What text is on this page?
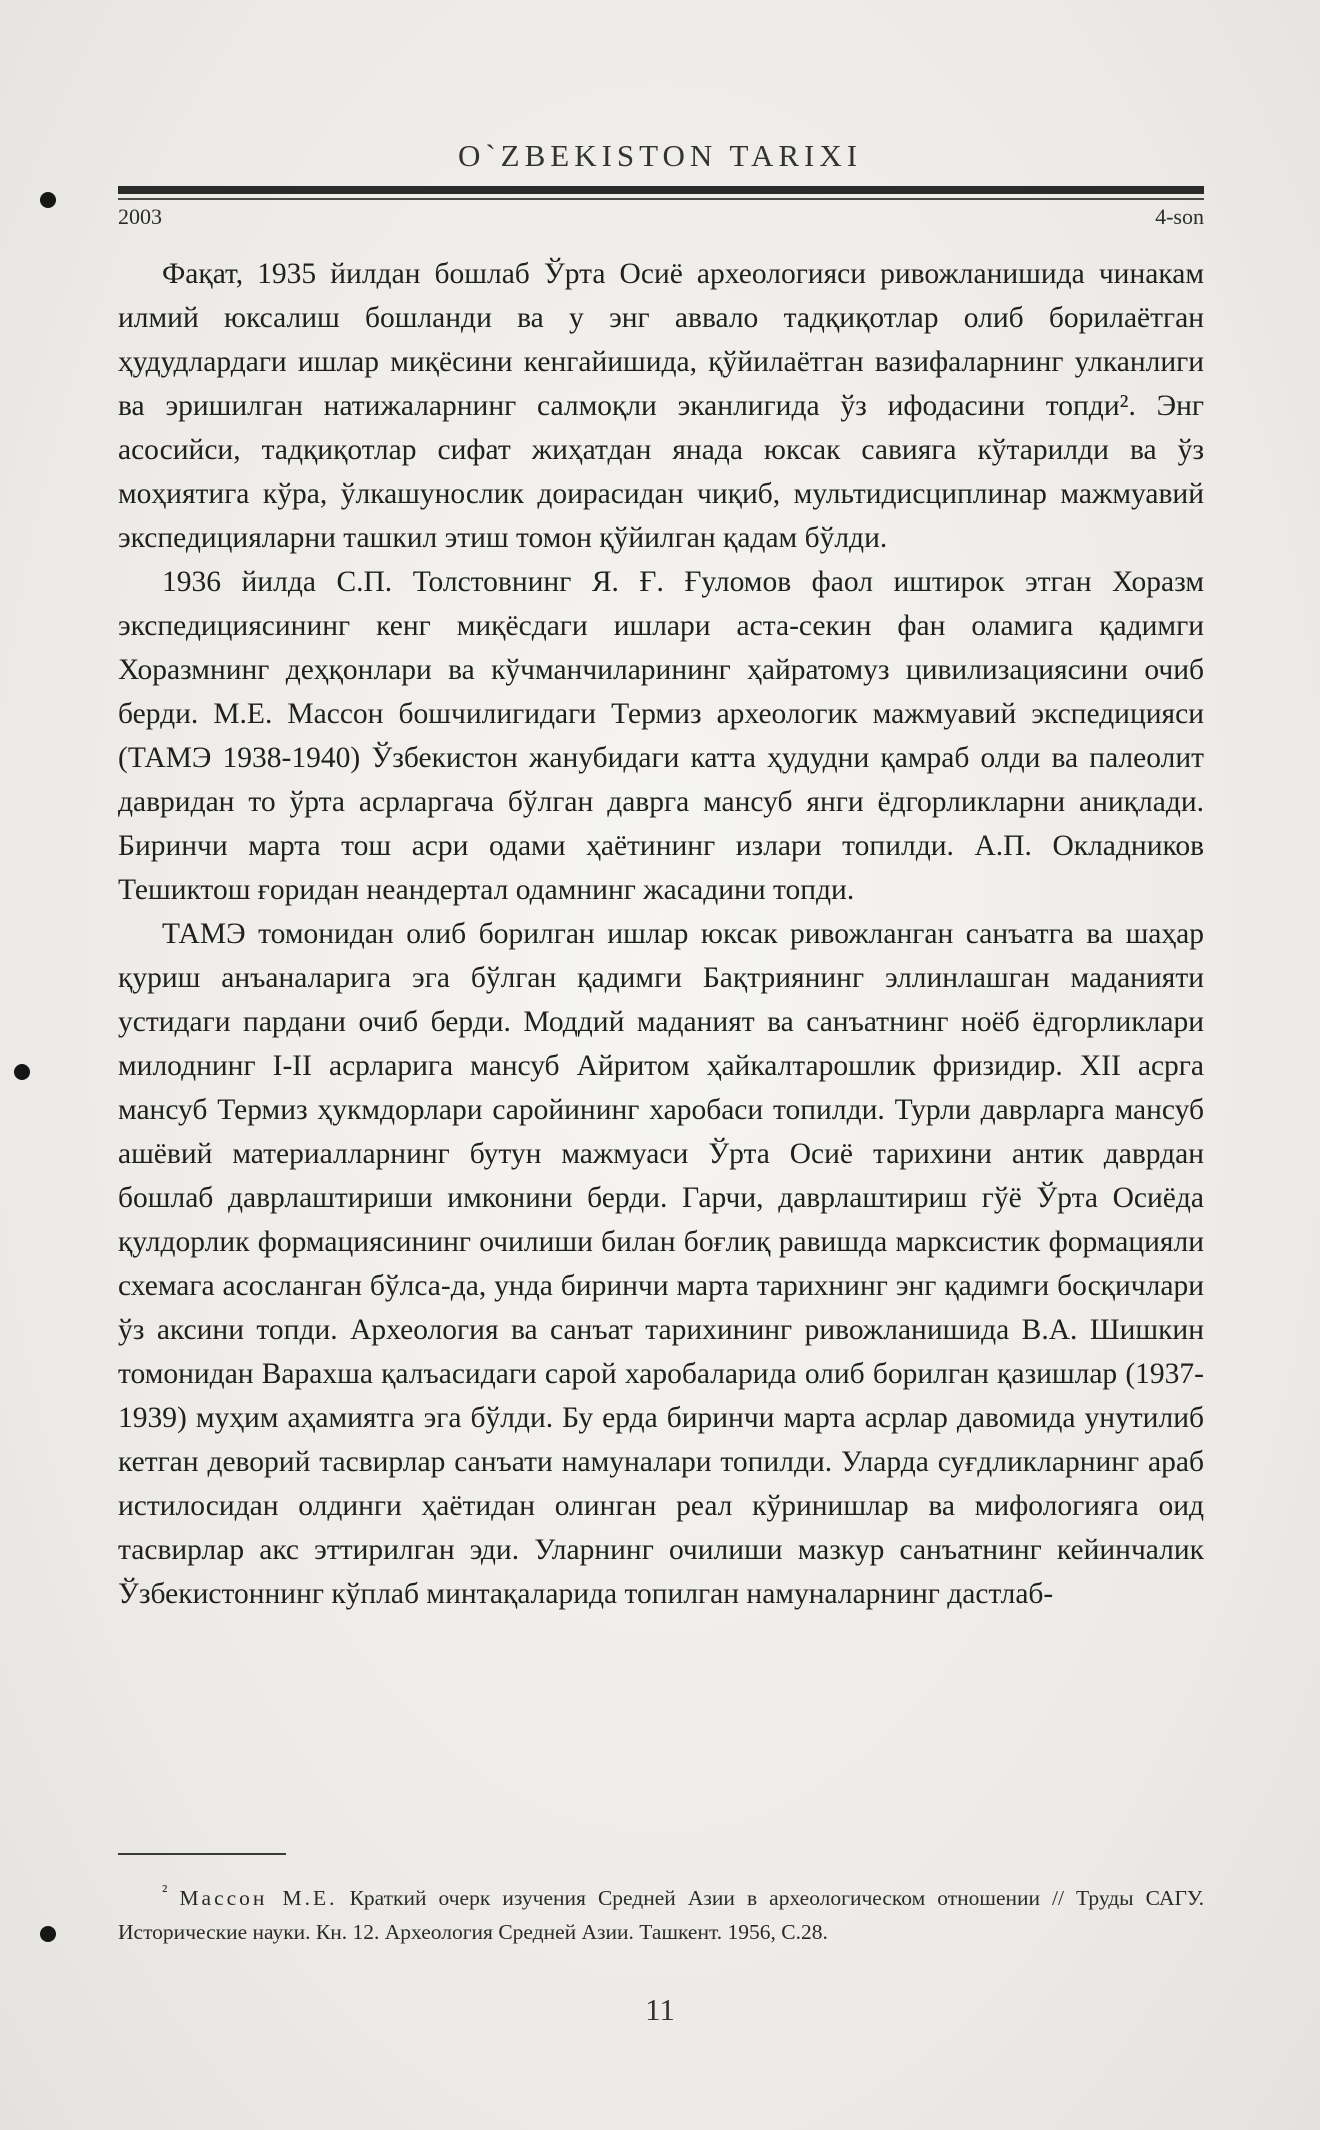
O`ZBEKISTON TARIXI
2003	4-son

Фақат, 1935 йилдан бошлаб Ўрта Осиё археологияси ривожланишида чинакам илмий юксалиш бошланди ва у энг аввало тадқиқотлар олиб борилаётган ҳудудлардаги ишлар миқёсини кенгайишида, қўйилаётган вазифаларнинг улканлиги ва эришилган натижаларнинг салмоқли эканлигида ўз ифодасини топди². Энг асосийси, тадқиқотлар сифат жиҳатдан янада юксак савияга кўтарилди ва ўз моҳиятига кўра, ўлкашунослик доирасидан чиқиб, мультидисциплинар мажмуавий экспедицияларни ташкил этиш томон қўйилган қадам бўлди.

1936 йилда С.П. Толстовнинг Я. Ғ. Ғуломов фаол иштирок этган Хоразм экспедициясининг кенг миқёсдаги ишлари аста-секин фан оламига қадимги Хоразмнинг деҳқонлари ва кўчманчиларининг ҳайратомуз цивилизациясини очиб берди. М.Е. Массон бошчилигидаги Термиз археологик мажмуавий экспедицияси (ТАМЭ 1938-1940) Ўзбекистон жанубидаги катта ҳудудни қамраб олди ва палеолит давридан то ўрта асрларгача бўлган даврга мансуб янги ёдгорликларни аниқлади. Биринчи марта тош асри одами ҳаётининг излари топилди. А.П. Окладников Тешиктош ғоридан неандертал одамнинг жасадини топди.

ТАМЭ томонидан олиб борилган ишлар юксак ривожланган санъатга ва шаҳар қуриш анъаналарига эга бўлган қадимги Бақтриянинг эллинлашган маданияти устидаги пардани очиб берди. Моддий маданият ва санъатнинг ноёб ёдгорликлари милоднинг I-II асрларига мансуб Айритом ҳайкалтарошлик фризидир. XII асрга мансуб Термиз ҳукмдорлари саройининг харобаси топилди. Турли даврларга мансуб ашёвий материалларнинг бутун мажмуаси Ўрта Осиё тарихини антик даврдан бошлаб даврлаштириши имконини берди. Гарчи, даврлаштириш гўё Ўрта Осиёда қулдорлик формациясининг очилиши билан боғлиқ равишда марксистик формацияли схемага асосланган бўлса-да, унда биринчи марта тарихнинг энг қадимги босқичлари ўз аксини топди. Археология ва санъат тарихининг ривожланишида В.А. Шишкин томонидан Варахша қалъасидаги сарой харобаларида олиб борилган қазишлар (1937-1939) муҳим аҳамиятга эга бўлди. Бу ерда биринчи марта асрлар давомида унутилиб кетган деворий тасвирлар санъати намуналари топилди. Уларда суғдликларнинг араб истилосидан олдинги ҳаётидан олинган реал кўринишлар ва мифологияга оид тасвирлар акс эттирилган эди. Уларнинг очилиши мазкур санъатнинг кейинчалик Ўзбекистоннинг кўплаб минтақаларида топилган намуналарнинг дастлаб-

$^{^2}$ Массон М.Е. Краткий очерк изучения Средней Азии в археологическом отношении // Труды САГУ. Исторические науки. Кн. 12. Археология Средней Азии. Ташкент. 1956, С.28.

11
